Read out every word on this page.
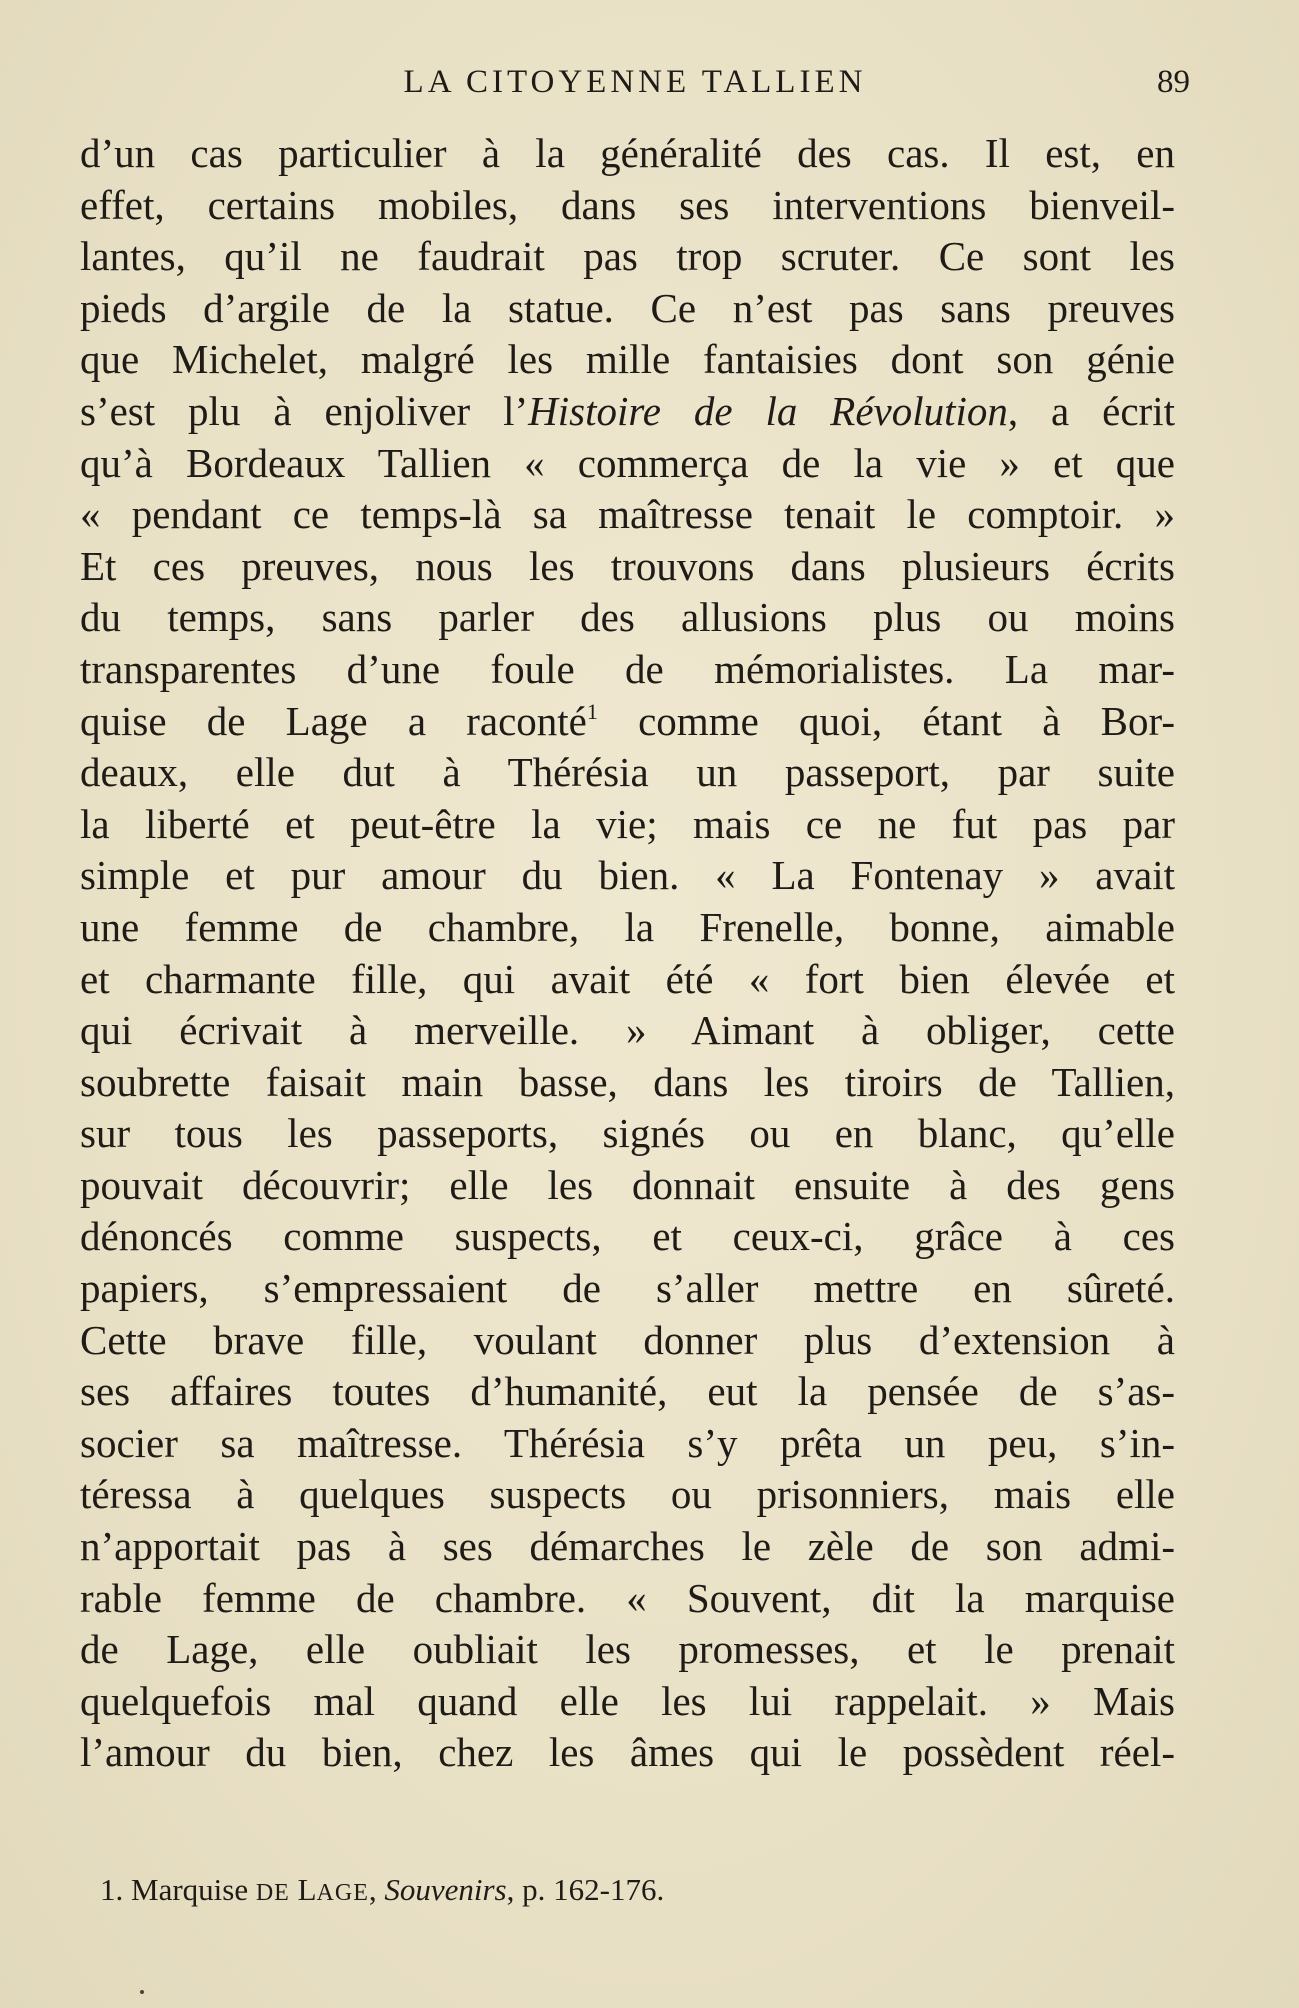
LA CITOYENNE TALLIEN	89
d’un cas particulier à la généralité des cas. Il est, en
effet, certains mobiles, dans ses interventions bienveil-
lantes, qu’il ne faudrait pas trop scruter. Ce sont les
pieds d’argile de la statue. Ce n’est pas sans preuves
que Michelet, malgré les mille fantaisies dont son génie
s’est plu à enjoliver l’Histoire de la Révolution, a écrit
qu’à Bordeaux Tallien « commerça de la vie » et que
« pendant ce temps-là sa maîtresse tenait le comptoir. »
Et ces preuves, nous les trouvons dans plusieurs écrits
du temps, sans parler des allusions plus ou moins
transparentes d’une foule de mémorialistes. La mar-
quise de Lage a raconté$^1$ comme quoi, étant à Bor-
deaux, elle dut à Thérésia un passeport, par suite
la liberté et peut-être la vie; mais ce ne fut pas par
simple et pur amour du bien. « La Fontenay » avait
une femme de chambre, la Frenelle, bonne, aimable
et charmante fille, qui avait été « fort bien élevée et
qui écrivait à merveille. » Aimant à obliger, cette
soubrette faisait main basse, dans les tiroirs de Tallien,
sur tous les passeports, signés ou en blanc, qu’elle
pouvait découvrir; elle les donnait ensuite à des gens
dénoncés comme suspects, et ceux-ci, grâce à ces
papiers, s’empressaient de s’aller mettre en sûreté.
Cette brave fille, voulant donner plus d’extension à
ses affaires toutes d’humanité, eut la pensée de s’as-
socier sa maîtresse. Thérésia s’y prêta un peu, s’in-
téressa à quelques suspects ou prisonniers, mais elle
n’apportait pas à ses démarches le zèle de son admi-
rable femme de chambre. « Souvent, dit la marquise
de Lage, elle oubliait les promesses, et le prenait
quelquefois mal quand elle les lui rappelait. » Mais
l’amour du bien, chez les âmes qui le possèdent réel-
1. Marquise DE LAGE, Souvenirs, p. 162-176.
